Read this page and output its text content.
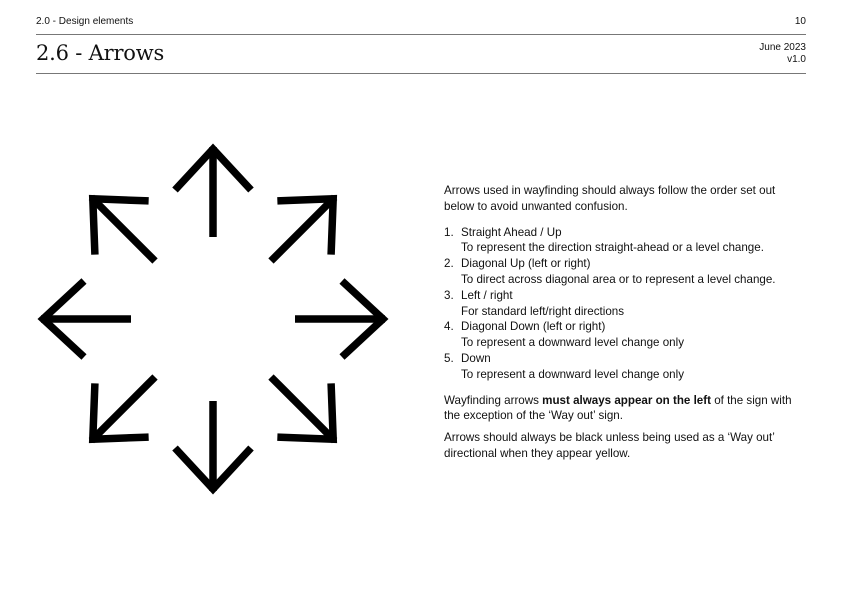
2.0 - Design elements	10
2.6 - Arrows	June 2023
v1.0

Arrows used in wayfinding should always follow the order set out below to avoid unwanted confusion.

1. Straight Ahead / Up
To represent the direction straight-ahead or a level change.
2. Diagonal Up (left or right)
To direct across diagonal area or to represent a level change.
3. Left / right
For standard left/right directions
4. Diagonal Down (left or right)
To represent a downward level change only
5. Down
To represent a downward level change only

Wayfinding arrows must always appear on the left of the sign with the exception of the ‘Way out’ sign.

Arrows should always be black unless being used as a ‘Way out’ directional when they appear yellow.
